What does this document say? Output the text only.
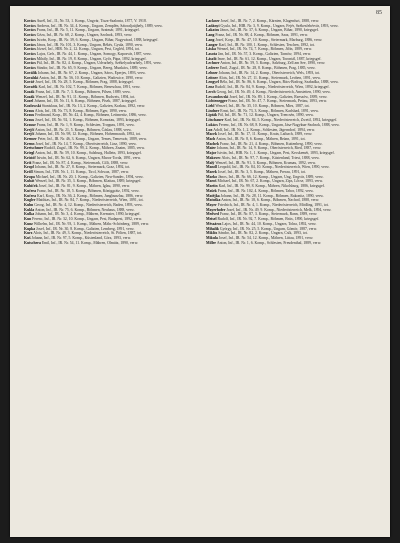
85

Kovács Aurél, Inf., II., Nr. 53, 1. Komp., Ungvár, Tisza-Szalonta, 1877, V. 1918.

Kovács Andreas, Inf., IR. Nr. 34, 4. Komp., Ungarn, Zemplén, Sátoraljaújhely, 1889, verw.

Kovács Franz, Inf., IR. Nr. 5, 11. Komp., Ungarn, Szatmár, 1891, kriegsgef.

Kovács Géza, Inf., IR. Nr. 68, 2. Komp., Ungarn, Szolnok, 1893, verw.

Kovács István, Korp., IR. Nr. 39, 6. Komp., Ungarn, Bihar, Nagyvárad, 1888, kriegsgef.

Kovács János, Inf., IR. Nr. 101, 3. Komp., Ungarn, Békés, Gyula, 1890, verw.

Kovács József, Inf., HIR. Nr. 2, 12. Komp., Ungarn, Pest, Cegléd, 1894, tot.

Kovács Lajos, Gefr., IR. Nr. 44, 1. Komp., Ungarn, Somogy, Kaposvár, 1887, verw.

Kovács Mihály, Inf., IR. Nr. 19, 8. Komp., Ungarn, Győr, Pápa, 1892, kriegsgef.

Kovács Pál, Inf., IR. Nr. 82, 4. Komp., Ungarn, Udvarhely, Székelyudvarhely, 1891, verw.

Kovács Sándor, Inf., IR. Nr. 65, 9. Komp., Ungarn, Bereg, Munkács, 1889, verw.

Koválik Johann, Inf., IR. Nr. 67, 2. Komp., Ungarn, Sáros, Eperjes, 1893, verw.

Kovalski Anton, Inf., IR. Nr. 56, 10. Komp., Galizien, Wadowice, 1890, verw.

Kovář Josef, Inf., IR. Nr. 28, 5. Komp., Böhmen, Prag, 1888, kriegsgef.

Kovařík Karl, Inf., IR. Nr. 102, 7. Komp., Böhmen, Beneschau, 1891, verw.

Kozák Franz, Inf., LIR. Nr. 7, 3. Komp., Böhmen, Pilsen, 1889, verw.

Kozák Wenzel, Inf., IR. Nr. 91, 11. Komp., Böhmen, Budweis, 1894, tot.

Kozel Johann, Inf., IR. Nr. 11, 6. Komp., Böhmen, Písek, 1887, kriegsgef.

Kozlowski Stanislaus, Inf., IR. Nr. 13, 2. Komp., Galizien, Krakau, 1892, verw.

Kraus Alois, Inf., IR. Nr. 73, 8. Komp., Böhmen, Eger, 1890, verw.

Kraus Ferdinand, Korp., IR. Nr. 42, 4. Komp., Böhmen, Leitmeritz, 1886, verw.

Kraus Josef, Inf., IR. Nr. 92, 1. Komp., Böhmen, Komotau, 1893, kriegsgef.

Krause Franz, Inf., IR. Nr. 1, 9. Komp., Schlesien, Troppau, 1891, verw.

Krejčí Anton, Inf., IR. Nr. 21, 5. Komp., Böhmen, Čáslau, 1888, verw.

Krejčí Johann, Inf., IR. Nr. 98, 12. Komp., Böhmen, Hohenmauth, 1892, tot.

Kremer Peter, Inf., IR. Nr. 46, 3. Komp., Ungarn, Temes, Temesvár, 1889, verw.

Krenn Josef, Inf., IR. Nr. 14, 7. Komp., Oberösterreich, Linz, 1890, verw.

Kretschmer Rudolf, Zugsf., IR. Nr. 99, 2. Komp., Mähren, Znaim, 1885, verw.

Kriegl Anton, Inf., IR. Nr. 59, 10. Komp., Salzburg, Hallein, 1893, kriegsgef.

Kristóf István, Inf., IR. Nr. 62, 6. Komp., Ungarn, Maros-Torda, 1891, verw.

Križ Franz, Inf., IR. Nr. 87, 4. Komp., Steiermark, Cilli, 1888, verw.

Kropf Johann, Inf., IR. Nr. 27, 8. Komp., Steiermark, Graz, 1892, tot.

Kröll Simon, Inf., TJR. Nr. 1, 11. Komp., Tirol, Schwaz, 1887, verw.

Krupa Michael, Inf., IR. Nr. 20, 1. Komp., Galizien, Neu-Sandec, 1894, verw.

Kubát Wenzel, Inf., IR. Nr. 35, 3. Komp., Böhmen, Klattau, 1889, kriegsgef.

Kubíček Josef, Inf., IR. Nr. 81, 9. Komp., Mähren, Iglau, 1890, verw.

Kučera Franz, Inf., IR. Nr. 18, 5. Komp., Böhmen, Königgrätz, 1892, verw.

Kučera Karl, Korp., IR. Nr. 36, 2. Komp., Böhmen, Jungbunzlau, 1886, verw.

Kugler Matthias, Inf., IR. Nr. 84, 7. Komp., Niederösterreich, Wien, 1891, tot.

Kuhn Georg, Inf., IR. Nr. 4, 12. Komp., Niederösterreich, Baden, 1893, verw.

Kukla Anton, Inf., IR. Nr. 75, 6. Komp., Böhmen, Neuhaus, 1888, verw.

Kulka Johann, Inf., IR. Nr. 3, 4. Komp., Mähren, Kremsier, 1890, kriegsgef.

Kun Ferenc, Inf., IR. Nr. 32, 10. Komp., Ungarn, Pest, Budapest, 1892, verw.

Kunz Wilhelm, Inf., IR. Nr. 93, 1. Komp., Mähren, Mähr.-Schönberg, 1889, verw.

Kupka Josef, Inf., IR. Nr. 30, 8. Komp., Galizien, Lemberg, 1891, verw.

Kurz Alois, Inf., IR. Nr. 49, 3. Komp., Niederösterreich, St. Pölten, 1887, tot.

Kuš Johann, Inf., IR. Nr. 97, 5. Komp., Küstenland, Görz, 1893, verw.

Kutschera Emil, Inf., IR. Nr. 54, 11. Komp., Mähren, Olmütz, 1890, verw.

Lackner Josef, Inf., IR. Nr. 7, 2. Komp., Kärnten, Klagenfurt, 1888, verw.

Ladányi Gyula, Inf., HIR. Nr. 3, 9. Komp., Ungarn, Fejér, Székesfehérvár, 1893, verw.

Lakatos János, Inf., IR. Nr. 37, 6. Komp., Ungarn, Bihar, 1890, kriegsgef.

Lang Franz, Inf., IR. Nr. 88, 4. Komp., Böhmen, Saaz, 1891, verw.

Lang Josef, Korp., IR. Nr. 47, 10. Komp., Steiermark, Marburg, 1886, verw.

Langer Karl, Inf., IR. Nr. 100, 1. Komp., Schlesien, Teschen, 1892, tot.

Láska Wenzel, Inf., IR. Nr. 74, 7. Komp., Böhmen, Jičín, 1889, verw.

Lasota Jan, Inf., IR. Nr. 57, 3. Komp., Galizien, Tarnów, 1894, verw.

László Imre, Inf., IR. Nr. 61, 12. Komp., Ungarn, Torontál, 1887, kriegsgef.

Lechner Anton, Inf., IR. Nr. 59, 5. Komp., Salzburg, Zell am See, 1890, verw.

Lederer Emil, Zugsf., IR. Nr. 28, 8. Komp., Böhmen, Prag, 1885, verw.

Lehner Johann, Inf., IR. Nr. 14, 2. Komp., Oberösterreich, Wels, 1893, tot.

Leitner Alois, Inf., IR. Nr. 27, 11. Komp., Steiermark, Leoben, 1891, verw.

Lengyel Béla, Inf., IR. Nr. 86, 6. Komp., Ungarn, Bács-Bodrog, Szabadka, 1888, verw.

Lenz Rudolf, Inf., IR. Nr. 84, 9. Komp., Niederösterreich, Wien, 1892, kriegsgef.

Lerch Georg, Inf., IR. Nr. 49, 4. Komp., Niederösterreich, Amstetten, 1890, verw.

Lewandowski Josef, Inf., IR. Nr. 89, 1. Komp., Galizien, Rzeszów, 1889, verw.

Lichtenegger Franz, Inf., IR. Nr. 47, 7. Komp., Steiermark, Pettau, 1893, verw.

Liebl Wenzel, Inf., IR. Nr. 35, 10. Komp., Böhmen, Mies, 1887, tot.

Lindner Ernst, Inf., IR. Nr. 73, 3. Komp., Böhmen, Karlsbad, 1891, verw.

Lipták Pál, Inf., IR. Nr. 71, 12. Komp., Ungarn, Trencsén, 1890, verw.

Litschauer Karl, Inf., IR. Nr. 84, 5. Komp., Niederösterreich, Zwettl, 1892, kriegsgef.

Lukács Ferenc, Inf., IR. Nr. 68, 8. Komp., Ungarn, Jász-Nagykun-Szolnok, 1888, verw.

Lux Adolf, Inf., IR. Nr. 1, 2. Komp., Schlesien, Jägerndorf, 1894, verw.

Macek Josef, Inf., IR. Nr. 17, 11. Komp., Krain, Laibach, 1889, verw.

Mach Anton, Inf., IR. Nr. 8, 6. Komp., Mähren, Brünn, 1891, tot.

Machek Franz, Inf., IR. Nr. 21, 4. Komp., Böhmen, Kuttenberg, 1890, verw.

Maier Johann, Inf., IR. Nr. 14, 9. Komp., Oberösterreich, Ried, 1887, verw.

Major István, Inf., HIR. Nr. 1, 1. Komp., Ungarn, Pest, Kecskemét, 1893, kriegsgef.

Makovec Alois, Inf., IR. Nr. 97, 7. Komp., Küstenland, Triest, 1888, verw.

Malý Wenzel, Inf., IR. Nr. 91, 3. Komp., Böhmen, Krumau, 1892, verw.

Mandl Leopold, Inf., IR. Nr. 84, 10. Komp., Niederösterreich, Wien, 1890, verw.

Marek Josef, Inf., IR. Nr. 3, 5. Komp., Mähren, Prerau, 1891, tot.

Marko János, Inf., IR. Nr. 66, 12. Komp., Ungarn, Ung, Ungvár, 1889, verw.

Maroš Michael, Inf., IR. Nr. 67, 2. Komp., Ungarn, Zips, Lőcse, 1893, verw.

Martin Karl, Inf., IR. Nr. 99, 8. Komp., Mähren, Nikolsburg, 1886, kriegsgef.

Mašek Franz, Inf., IR. Nr. 102, 4. Komp., Böhmen, Tabor, 1892, verw.

Matějka Johann, Inf., IR. Nr. 28, 11. Komp., Böhmen, Rakonitz, 1890, verw.

Matuška Anton, Inf., IR. Nr. 18, 6. Komp., Böhmen, Nachod, 1888, verw.

Mayer Friedrich, Inf., IR. Nr. 4, 1. Komp., Niederösterreich, Mödling, 1891, tot.

Mayerhofer Josef, Inf., IR. Nr. 49, 9. Komp., Niederösterreich, Melk, 1894, verw.

Medved Franz, Inf., IR. Nr. 87, 3. Komp., Steiermark, Rann, 1889, verw.

Meisel Rudolf, Inf., IR. Nr. 92, 7. Komp., Böhmen, Brüx, 1890, kriegsgef.

Mészáros Lajos, Inf., IR. Nr. 44, 10. Komp., Ungarn, Tolna, 1892, verw.

Mihalik György, Inf., IR. Nr. 25, 5. Komp., Ungarn, Gömör, 1887, verw.

Miklós Sándor, Inf., IR. Nr. 82, 2. Komp., Ungarn, Csík, 1893, tot.

Mikula Josef, Inf., IR. Nr. 54, 12. Komp., Mähren, Littau, 1891, verw.

Miller Anton, Inf., IR. Nr. 1, 6. Komp., Schlesien, Freudenthal, 1889, verw.
